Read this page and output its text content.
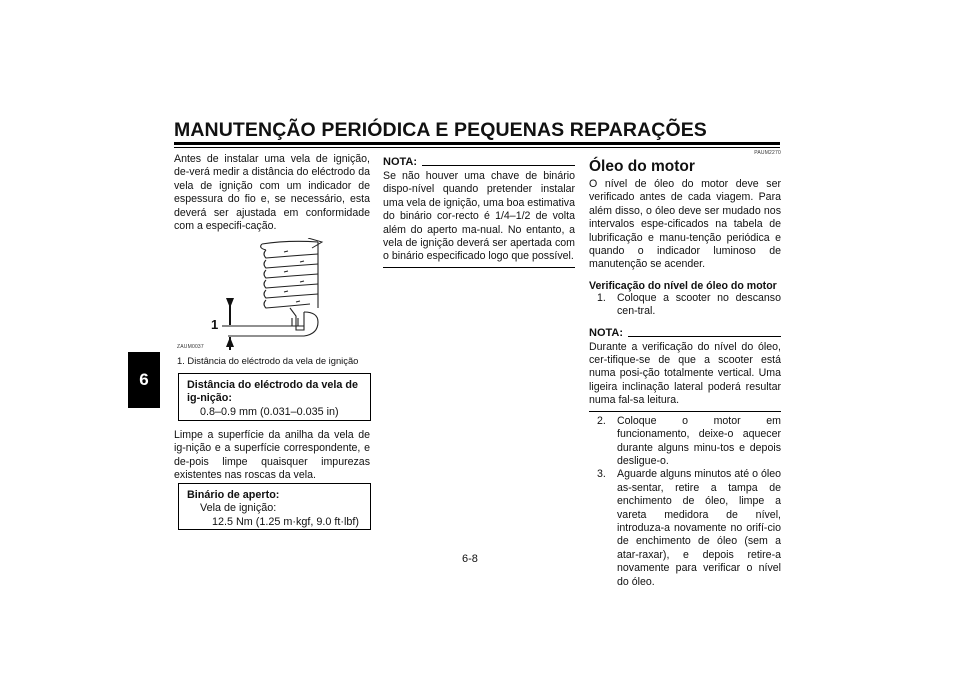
MANUTENÇÃO PERIÓDICA E PEQUENAS REPARAÇÕES
6

Antes de instalar uma vela de ignição, de-verá medir a distância do eléctrodo da vela de ignição com um indicador de espessura do fio e, se necessário, esta deverá ser ajustada em conformidade com a especifi-cação.

1
ZAUM0037
1. Distância do eléctrodo da vela de ignição
Distância do eléctrodo da vela de ig-nição:
0.8–0.9 mm (0.031–0.035 in)

Limpe a superfície da anilha da vela de ig-nição e a superfície correspondente, e de-pois limpe quaisquer impurezas existentes nas roscas da vela.

Binário de aperto:
Vela de ignição:
12.5 Nm (1.25 m·kgf, 9.0 ft·lbf)
NOTA:

Se não houver uma chave de binário dispo-nível quando pretender instalar uma vela de ignição, uma boa estimativa do binário cor-recto é 1/4–1/2 de volta além do aperto ma-nual. No entanto, a vela de ignição deverá ser apertada com o binário especificado logo que possível.

PAUM2270
Óleo do motor

O nível de óleo do motor deve ser verificado antes de cada viagem. Para além disso, o óleo deve ser mudado nos intervalos espe-cificados na tabela de lubrificação e manu-tenção periódica e quando o indicador luminoso de manutenção se acender.

Verificação do nível de óleo do motor
1.	Coloque a scooter no descanso cen-tral.
NOTA:

Durante a verificação do nível do óleo, cer-tifique-se de que a scooter está numa posi-ção totalmente vertical. Uma ligeira inclinação lateral poderá resultar numa fal-sa leitura.

2.	Coloque o motor em funcionamento, deixe-o aquecer durante alguns minu-tos e depois desligue-o.
3.	Aguarde alguns minutos até o óleo as-sentar, retire a tampa de enchimento de óleo, limpe a vareta medidora de nível, introduza-a novamente no orifí-cio de enchimento de óleo (sem a atar-raxar), e depois retire-a novamente para verificar o nível do óleo.
6-8
